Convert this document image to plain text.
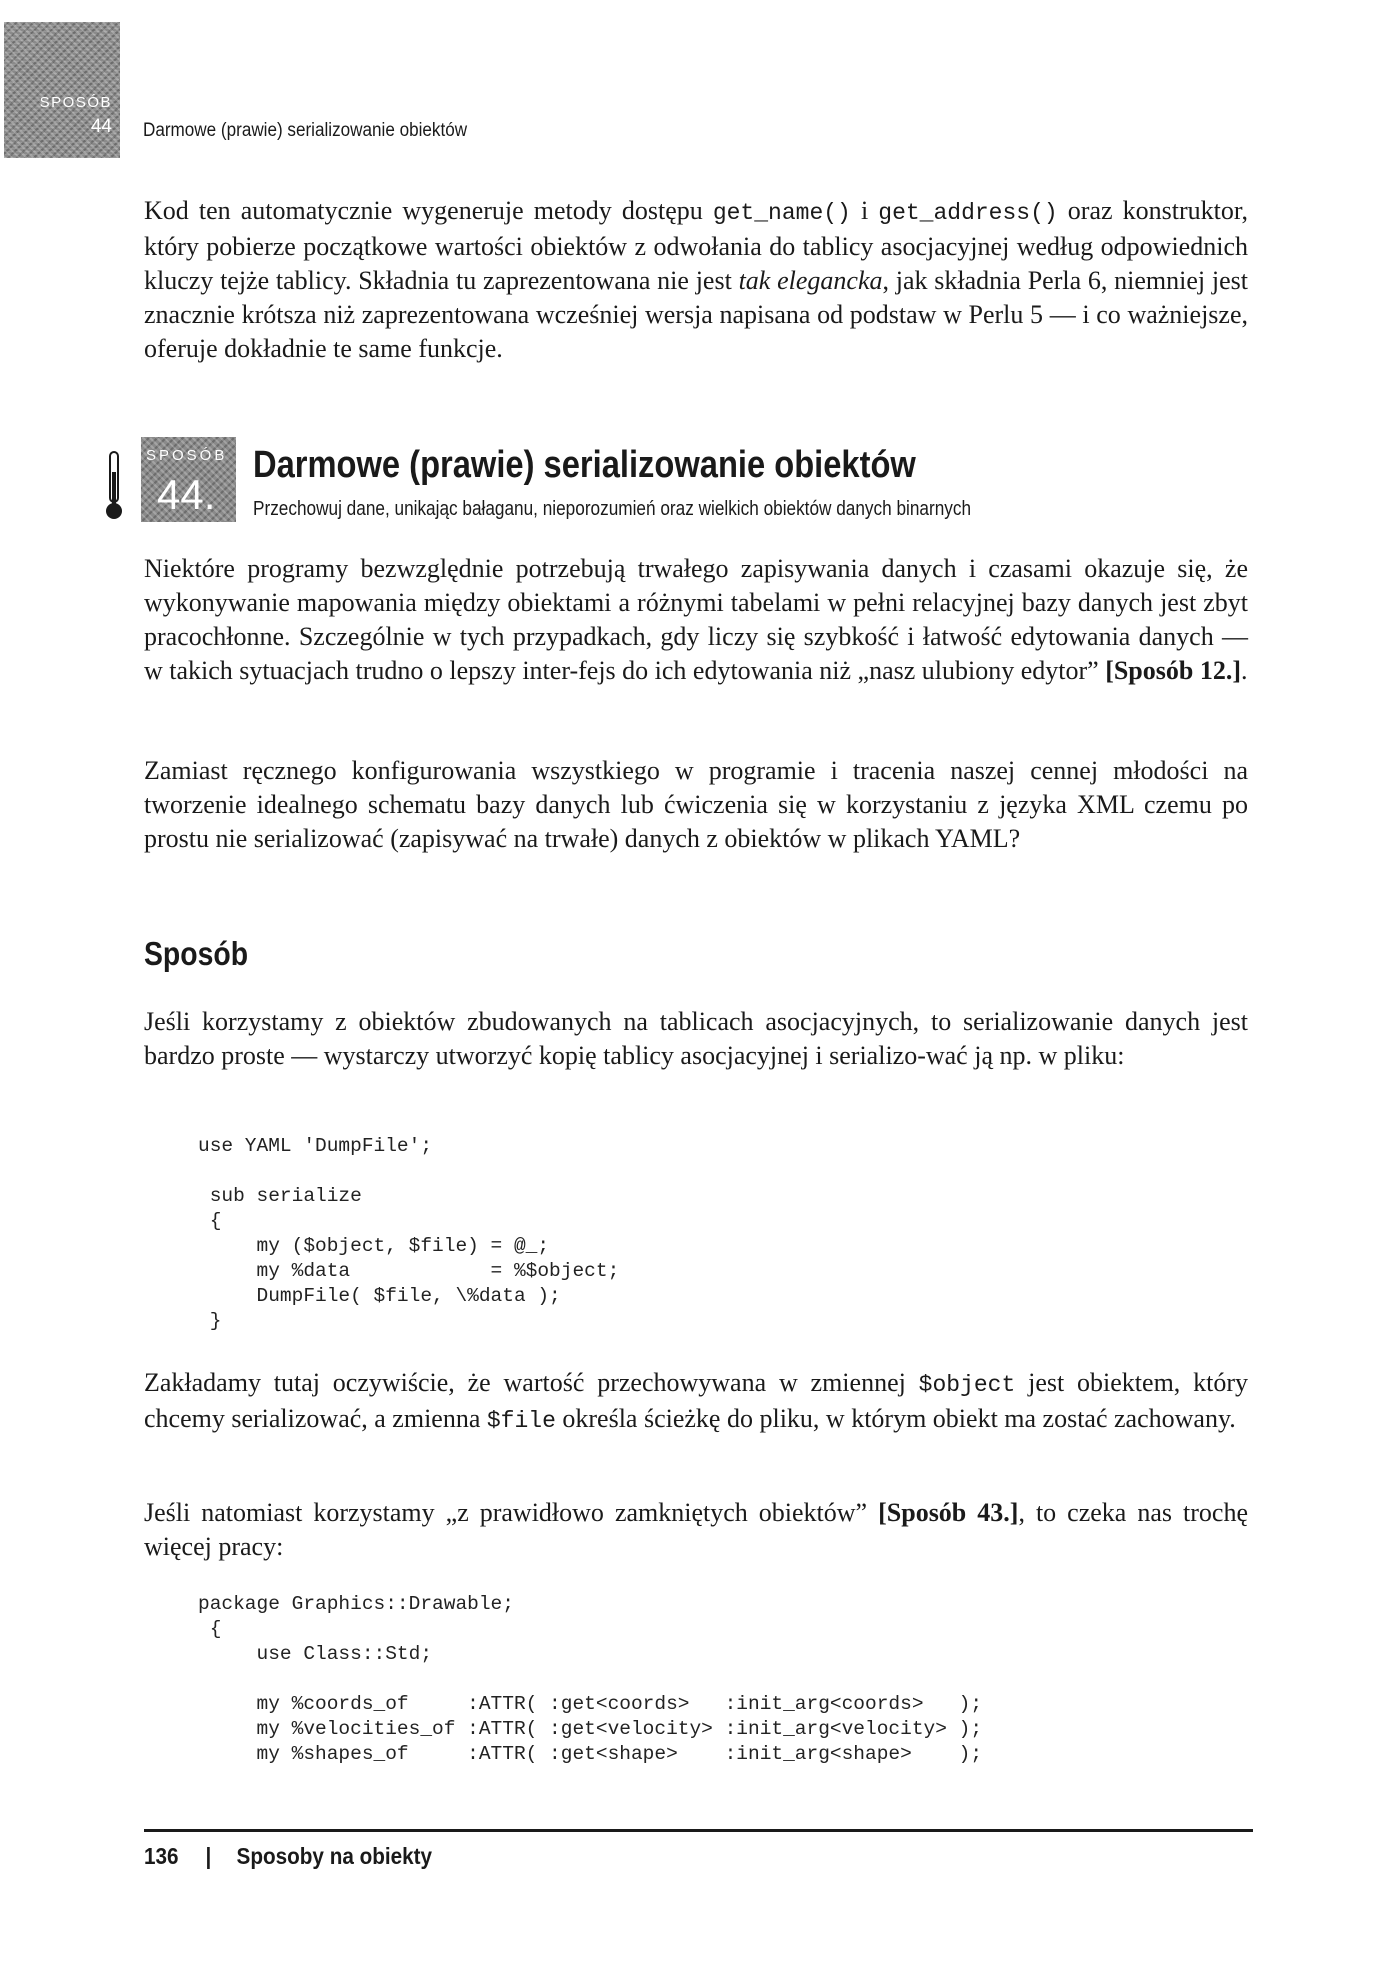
SPOSÓB
44 Darmowe (prawie) serializowanie obiektów

Kod ten automatycznie wygeneruje metody dostępu get_name() i get_address() oraz konstruktor, który pobierze początkowe wartości obiektów z odwołania do tablicy asocjacyjnej według odpowiednich kluczy tejże tablicy. Składnia tu zaprezentowana nie jest tak elegancka, jak składnia Perla 6, niemniej jest znacznie krótsza niż zaprezentowana wcześniej wersja napisana od podstaw w Perlu 5 — i co ważniejsze, oferuje dokładnie te same funkcje.

SPOSÓB
44.
Darmowe (prawie) serializowanie obiektów

Przechowuj dane, unikając bałaganu, nieporozumień oraz wielkich obiektów danych binarnych

Niektóre programy bezwzględnie potrzebują trwałego zapisywania danych i czasami okazuje się, że wykonywanie mapowania między obiektami a różnymi tabelami w pełni relacyjnej bazy danych jest zbyt pracochłonne. Szczególnie w tych przypadkach, gdy liczy się szybkość i łatwość edytowania danych — w takich sytuacjach trudno o lepszy inter-fejs do ich edytowania niż „nasz ulubiony edytor” [Sposób 12.].

Zamiast ręcznego konfigurowania wszystkiego w programie i tracenia naszej cennej młodości na tworzenie idealnego schematu bazy danych lub ćwiczenia się w korzystaniu z języka XML czemu po prostu nie serializować (zapisywać na trwałe) danych z obiektów w plikach YAML?

Sposób

Jeśli korzystamy z obiektów zbudowanych na tablicach asocjacyjnych, to serializowanie danych jest bardzo proste — wystarczy utworzyć kopię tablicy asocjacyjnej i serializo-wać ją np. w pliku:

use YAML 'DumpFile';

sub serialize
{
my ($object, $file) = @_;
my %data            = %$object;
DumpFile( $file, \%data );
}

Zakładamy tutaj oczywiście, że wartość przechowywana w zmiennej $object jest obiektem, który chcemy serializować, a zmienna $file określa ścieżkę do pliku, w którym obiekt ma zostać zachowany.

Jeśli natomiast korzystamy „z prawidłowo zamkniętych obiektów” [Sposób 43.], to czeka nas trochę więcej pracy:

package Graphics::Drawable;
{
use Class::Std;

my %coords_of     :ATTR( :get<coords>   :init_arg<coords>   );
my %velocities_of :ATTR( :get<velocity> :init_arg<velocity> );
my %shapes_of     :ATTR( :get<shape>    :init_arg<shape>    );

136 | Sposoby na obiekty
